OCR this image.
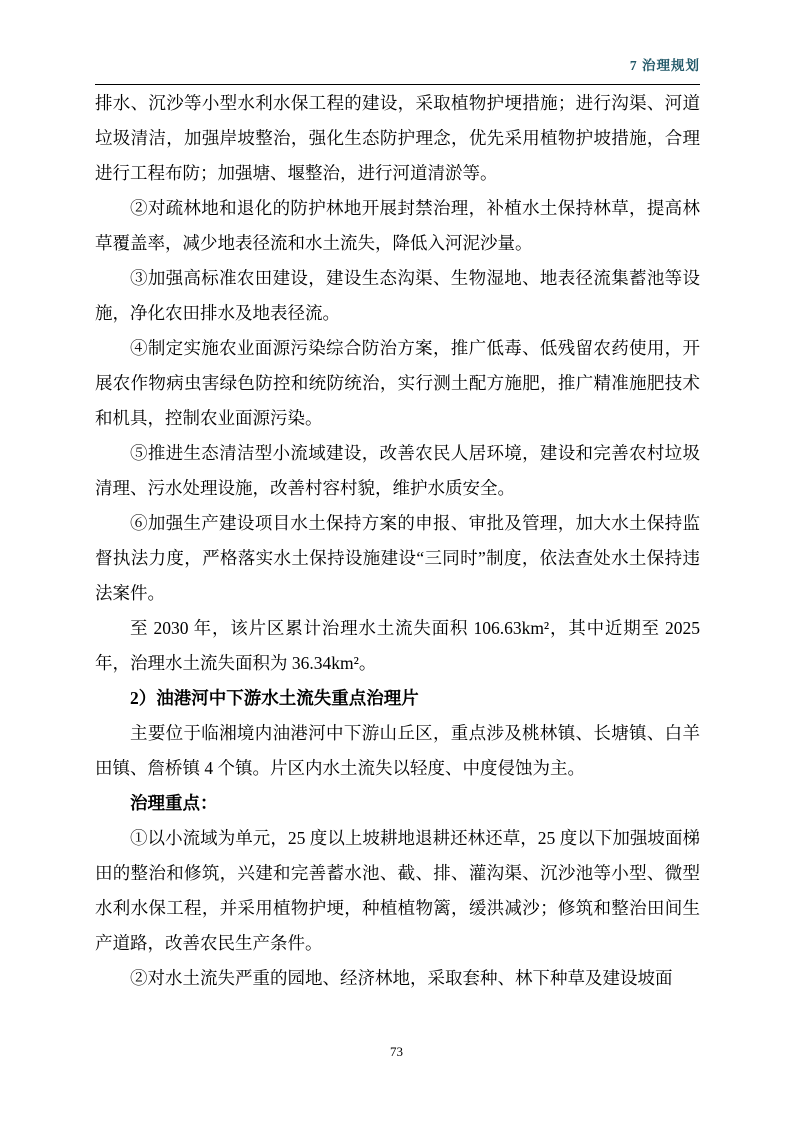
7 治理规划

排水、沉沙等小型水利水保工程的建设，采取植物护埂措施；进行沟渠、河道垃圾清洁，加强岸坡整治，强化生态防护理念，优先采用植物护坡措施，合理进行工程布防；加强塘、堰整治，进行河道清淤等。

②对疏林地和退化的防护林地开展封禁治理，补植水土保持林草，提高林草覆盖率，减少地表径流和水土流失，降低入河泥沙量。

③加强高标准农田建设，建设生态沟渠、生物湿地、地表径流集蓄池等设施，净化农田排水及地表径流。

④制定实施农业面源污染综合防治方案，推广低毒、低残留农药使用，开展农作物病虫害绿色防控和统防统治，实行测土配方施肥，推广精准施肥技术和机具，控制农业面源污染。

⑤推进生态清洁型小流域建设，改善农民人居环境，建设和完善农村垃圾清理、污水处理设施，改善村容村貌，维护水质安全。

⑥加强生产建设项目水土保持方案的申报、审批及管理，加大水土保持监督执法力度，严格落实水土保持设施建设“三同时”制度，依法查处水土保持违法案件。

至 2030 年，该片区累计治理水土流失面积 106.63km²，其中近期至 2025 年，治理水土流失面积为 36.34km²。

2）油港河中下游水土流失重点治理片

主要位于临湘境内油港河中下游山丘区，重点涉及桃林镇、长塘镇、白羊田镇、詹桥镇 4 个镇。片区内水土流失以轻度、中度侵蚀为主。

治理重点：

①以小流域为单元，25 度以上坡耕地退耕还林还草，25 度以下加强坡面梯田的整治和修筑，兴建和完善蓄水池、截、排、灌沟渠、沉沙池等小型、微型水利水保工程，并采用植物护埂，种植植物篱，缓洪减沙；修筑和整治田间生产道路，改善农民生产条件。

②对水土流失严重的园地、经济林地，采取套种、林下种草及建设坡面

73
